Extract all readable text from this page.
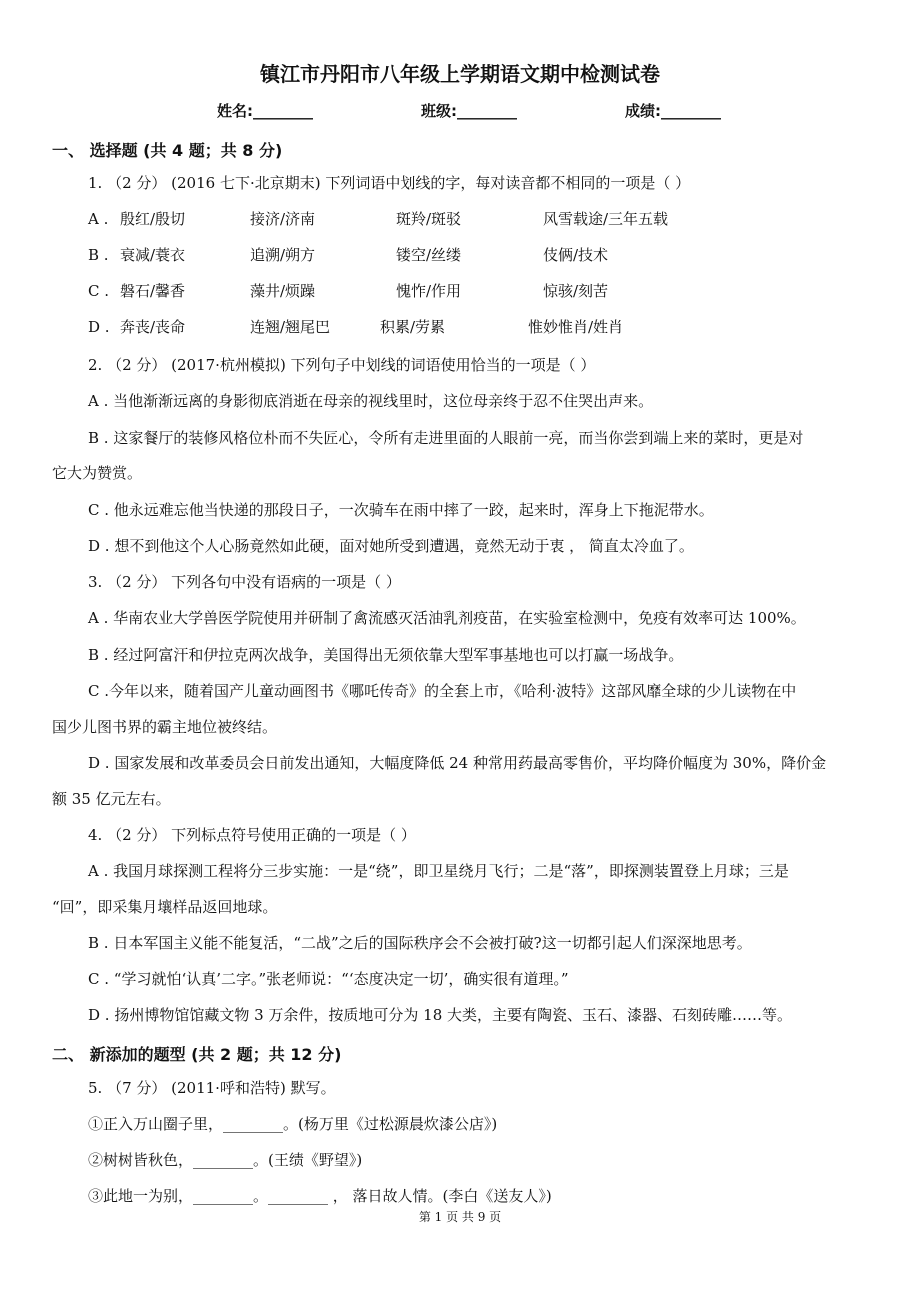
镇江市丹阳市八年级上学期语文期中检测试卷
姓名:________	班级:________	成绩:________
一、 选择题 (共 4 题；共 8 分)
1. （2 分） (2016 七下·北京期末) 下列词语中划线的字，每对读音都不相同的一项是（ ）
A . 殷红/殷切	接济/济南	斑羚/斑驳	风雪载途/三年五载
B . 衰减/蓑衣	追溯/朔方	镂空/丝缕	伎俩/技术
C . 磐石/馨香	藻井/烦躁	愧怍/作用	惊骇/刻苦
D . 奔丧/丧命	连翘/翘尾巴	积累/劳累	惟妙惟肖/姓肖
2. （2 分） (2017·杭州模拟) 下列句子中划线的词语使用恰当的一项是（ ）
A . 当他渐渐远离的身影彻底消逝在母亲的视线里时，这位母亲终于忍不住哭出声来。
B . 这家餐厅的装修风格位朴而不失匠心，令所有走进里面的人眼前一亮，而当你尝到端上来的菜时，更是对
它大为赞赏。
C . 他永远难忘他当快递的那段日子，一次骑车在雨中摔了一跤，起来时，浑身上下拖泥带水。
D . 想不到他这个人心肠竟然如此硬，面对她所受到遭遇，竟然无动于衷 ， 简直太冷血了。
3. （2 分） 下列各句中没有语病的一项是（ ）
A . 华南农业大学兽医学院使用并研制了禽流感灭活油乳剂疫苗，在实验室检测中，免疫有效率可达 100%。
B . 经过阿富汗和伊拉克两次战争，美国得出无须依靠大型军事基地也可以打赢一场战争。
C .今年以来，随着国产儿童动画图书《哪吒传奇》的全套上市，《哈利·波特》这部风靡全球的少儿读物在中
国少儿图书界的霸主地位被终结。
D . 国家发展和改革委员会日前发出通知，大幅度降低 24 种常用药最高零售价，平均降价幅度为 30%，降价金
额 35 亿元左右。
4. （2 分） 下列标点符号使用正确的一项是（ ）
A . 我国月球探测工程将分三步实施：一是“绕”，即卫星绕月飞行；二是“落”，即探测装置登上月球；三是
“回”，即采集月壤样品返回地球。
B . 日本军国主义能不能复活，“二战”之后的国际秩序会不会被打破?这一切都引起人们深深地思考。
C . “学习就怕‘认真’二字。”张老师说：“‘态度决定一切’，确实很有道理。”
D . 扬州博物馆馆藏文物 3 万余件，按质地可分为 18 大类，主要有陶瓷、玉石、漆器、石刻砖雕……等。
二、 新添加的题型 (共 2 题；共 12 分)
5. （7 分） (2011·呼和浩特) 默写。
①正入万山圈子里，________。(杨万里《过松源晨炊漆公店》)
②树树皆秋色，________。(王绩《野望》)
③此地一为别，________。________ ， 落日故人情。(李白《送友人》)
第 1 页 共 9 页
